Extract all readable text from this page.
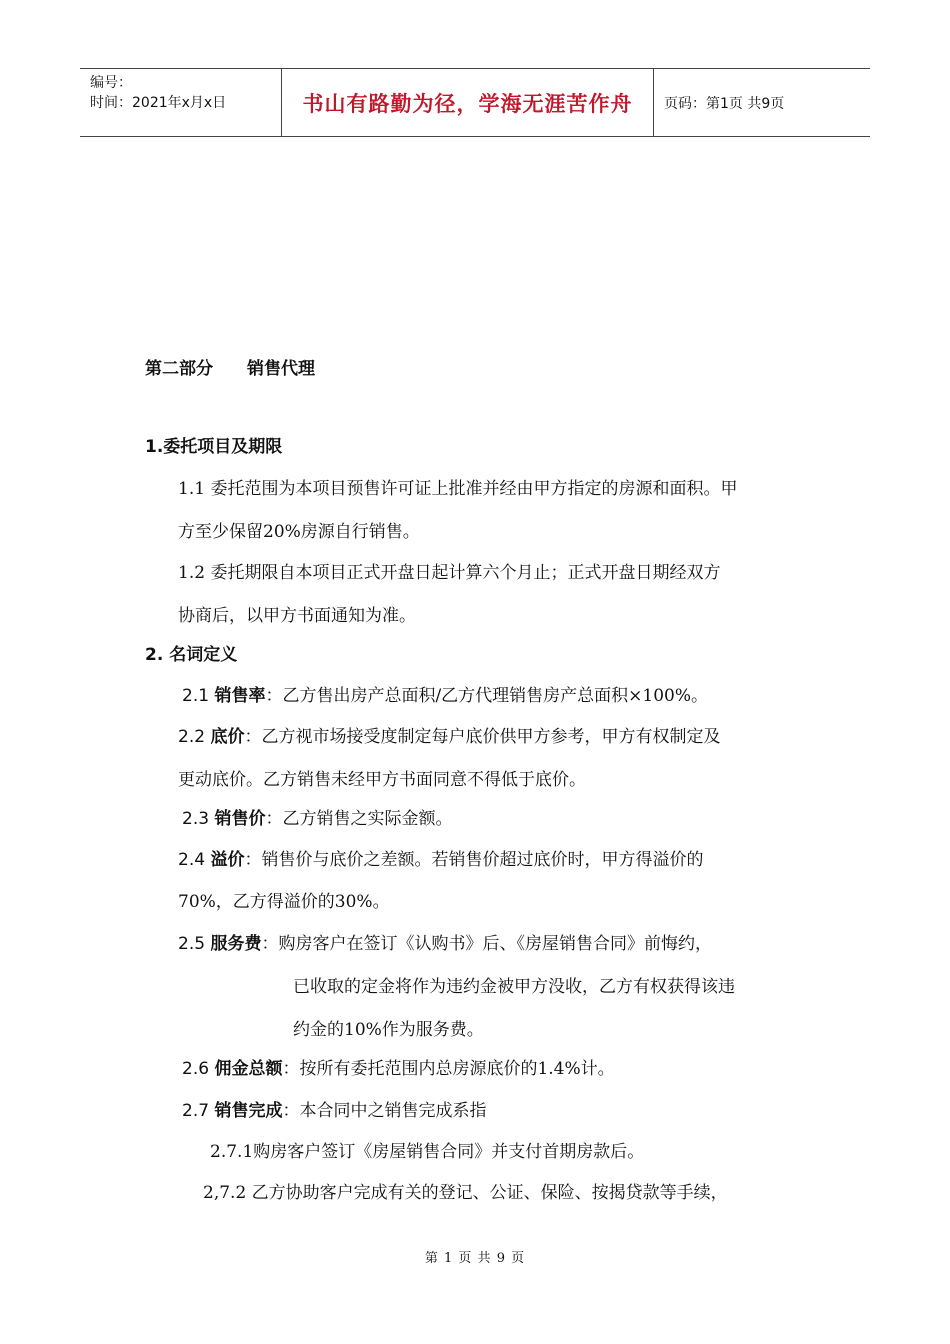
编号：
时间：2021年x月x日	书山有路勤为径，学海无涯苦作舟	页码：第1页 共9页
第二部分　　销售代理
1.委托项目及期限
1.1 委托范围为本项目预售许可证上批准并经由甲方指定的房源和面积。甲
方至少保留20%房源自行销售。
1.2 委托期限自本项目正式开盘日起计算六个月止；正式开盘日期经双方
协商后，以甲方书面通知为准。
2. 名词定义
2.1 销售率：乙方售出房产总面积/乙方代理销售房产总面积×100%。
2.2 底价：乙方视市场接受度制定每户底价供甲方参考，甲方有权制定及
更动底价。乙方销售未经甲方书面同意不得低于底价。
2.3 销售价：乙方销售之实际金额。
2.4 溢价：销售价与底价之差额。若销售价超过底价时，甲方得溢价的
70%，乙方得溢价的30%。
2.5 服务费：购房客户在签订《认购书》后、《房屋销售合同》前悔约，
已收取的定金将作为违约金被甲方没收，乙方有权获得该违
约金的10%作为服务费。
2.6 佣金总额：按所有委托范围内总房源底价的1.4%计。
2.7 销售完成：本合同中之销售完成系指
2.7.1购房客户签订《房屋销售合同》并支付首期房款后。
2,7.2 乙方协助客户完成有关的登记、公证、保险、按揭贷款等手续，
第 1 页 共 9 页
